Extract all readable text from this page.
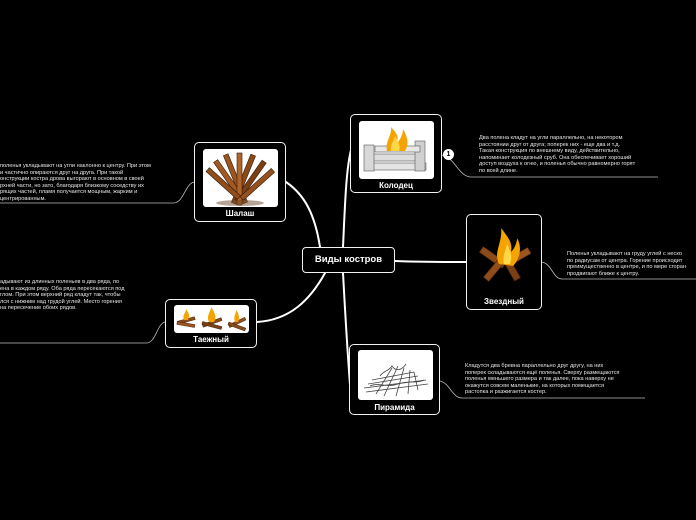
Виды костров
Колодец
1
Два полена кладут на угли параллельно, на некотором
расстоянии друг от друга; поперек них - еще два и т.д.
Такая конструкция по внешнему виду, действительно,
напоминает колодезный сруб. Она обеспечивает хороший
доступ воздуха к огню, и поленья обычно равномерно горят
по всей длине.
Звездный
Поленья укладывают на груду углей с неско
по радиусам от центра. Горение происходит
преимущественно в центре, и по мере сгоран
продвигают ближе к центру.
Пирамида
Кладутся два бревна параллельно друг другу, на них
поперек складываются ещё поленья. Сверху размещаются
поленья меньшего размера и так далее, пока наверху не
окажутся совсем маленькие, на которых помещается
растопка и разжигается костер.
Шалаш
поленья укладывают на угли наклонно к центру. При этом
и частично опираются друг на друга. При такой
онструкции костра дрова выгорают в основном в своей
рхней части, но зато, благодаря близкому соседству их
рящих частей, пламя получается мощным, жарким и
центрированным.
Таежный
адывают из длинных поленьев в два ряда, по
ена в каждом ряду. Оба ряда пересекаются под
глом. При этом верхний ряд кладут так, чтобы
лся с нижним над грудой углей. Место горения
на пересечение обоих рядов.
